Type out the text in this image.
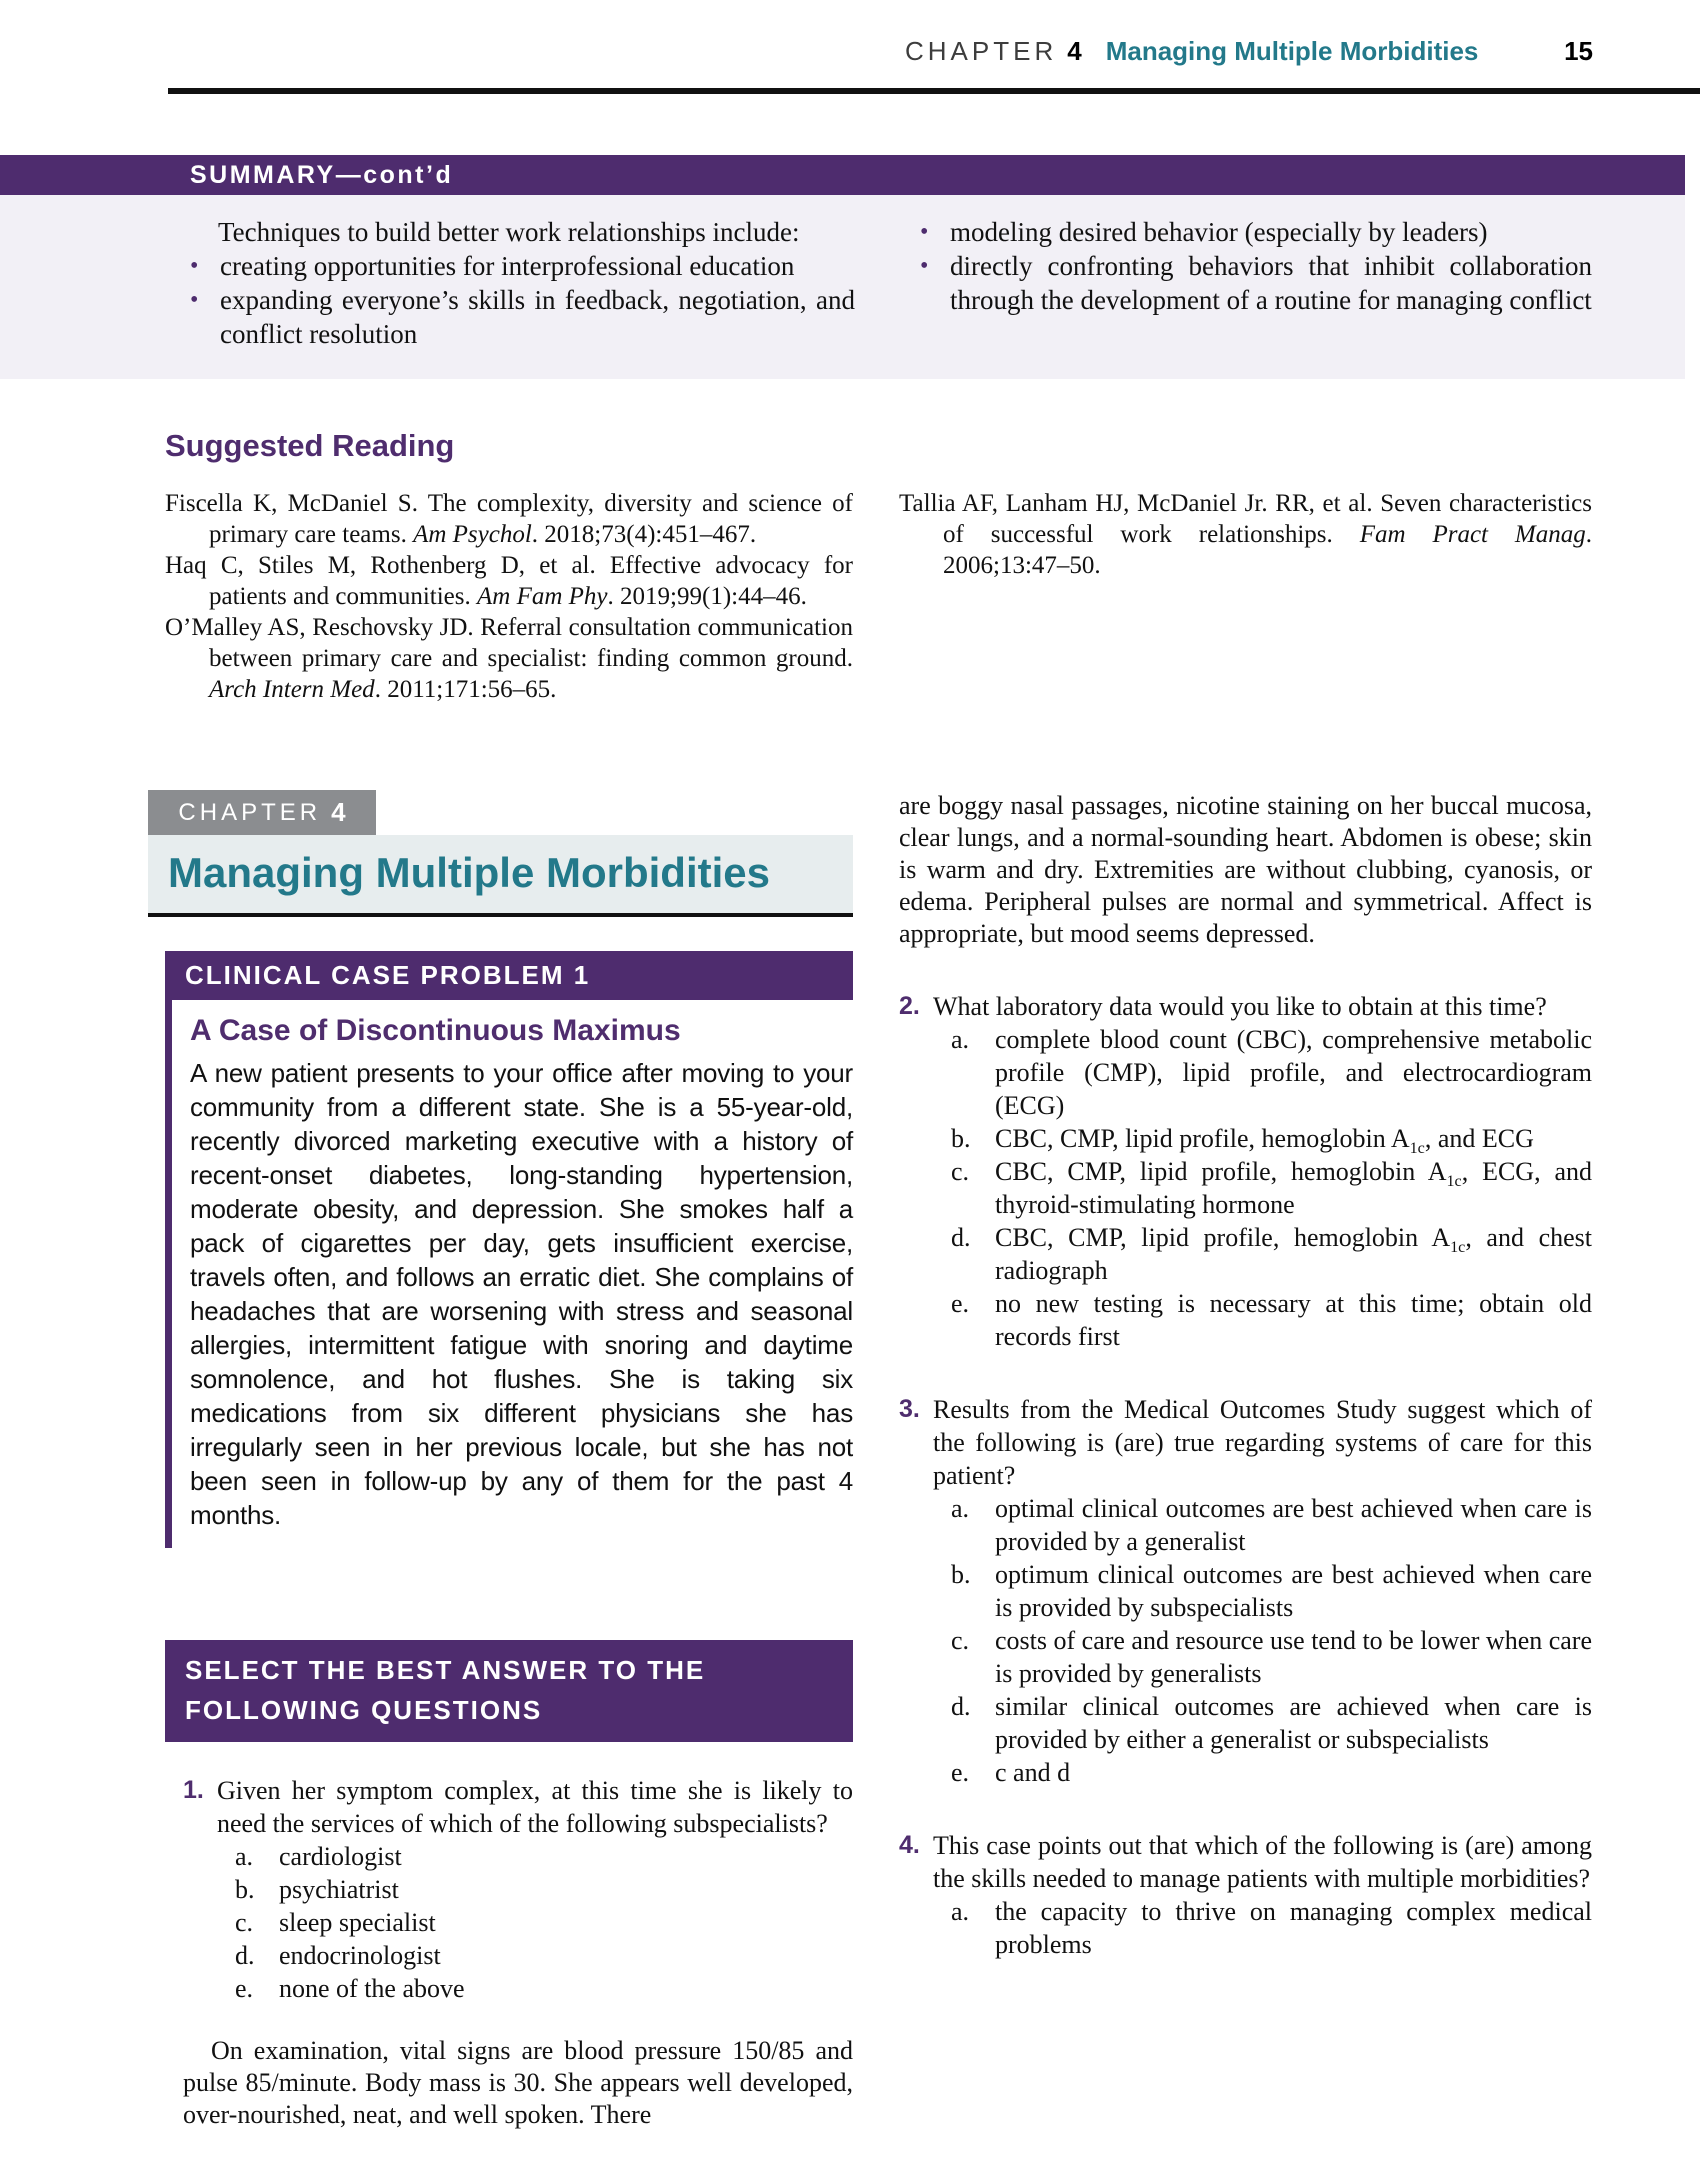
CHAPTER 4 Managing Multiple Morbidities	15
SUMMARY—cont’d

Techniques to build better work relationships include:

• creating opportunities for interprofessional education
• expanding everyone’s skills in feedback, negotiation, and conflict resolution
• modeling desired behavior (especially by leaders)
• directly confronting behaviors that inhibit collaboration through the development of a routine for managing conflict
Suggested Reading

Fiscella K, McDaniel S. The complexity, diversity and science of primary care teams. Am Psychol. 2018;73(4):451–467.

Haq C, Stiles M, Rothenberg D, et al. Effective advocacy for patients and communities. Am Fam Phy. 2019;99(1):44–46.

O’Malley AS, Reschovsky JD. Referral consultation communication between primary care and specialist: finding common ground. Arch Intern Med. 2011;171:56–65.

Tallia AF, Lanham HJ, McDaniel Jr. RR, et al. Seven characteristics of successful work relationships. Fam Pract Manag. 2006;13:47–50.

CHAPTER 4
Managing Multiple Morbidities
CLINICAL CASE PROBLEM 1
A Case of Discontinuous Maximus

A new patient presents to your office after moving to your community from a different state. She is a 55-year-old, recently divorced marketing executive with a history of recent-onset diabetes, long-standing hypertension, moderate obesity, and depression. She smokes half a pack of cigarettes per day, gets insufficient exercise, travels often, and follows an erratic diet. She complains of headaches that are worsening with stress and seasonal allergies, intermittent fatigue with snoring and daytime somnolence, and hot flushes. She is taking six medications from six different physicians she has irregularly seen in her previous locale, but she has not been seen in follow-up by any of them for the past 4 months.

SELECT THE BEST ANSWER TO THE
FOLLOWING QUESTIONS
1. Given her symptom complex, at this time she is likely to need the services of which of the following subspecialists?

a. cardiologist
b. psychiatrist
c. sleep specialist
d. endocrinologist
e. none of the above

On examination, vital signs are blood pressure 150/85 and pulse 85/minute. Body mass is 30. She appears well developed, over-nourished, neat, and well spoken. There

are boggy nasal passages, nicotine staining on her buccal mucosa, clear lungs, and a normal-sounding heart. Abdomen is obese; skin is warm and dry. Extremities are without clubbing, cyanosis, or edema. Peripheral pulses are normal and symmetrical. Affect is appropriate, but mood seems depressed.

2. What laboratory data would you like to obtain at this time?

a. complete blood count (CBC), comprehensive metabolic profile (CMP), lipid profile, and electrocardiogram (ECG)
b. CBC, CMP, lipid profile, hemoglobin $A_{1c}$, and ECG
c. CBC, CMP, lipid profile, hemoglobin $A_{1c}$, ECG, and thyroid-stimulating hormone
d. CBC, CMP, lipid profile, hemoglobin $A_{1c}$, and chest radiograph
e. no new testing is necessary at this time; obtain old records first
3. Results from the Medical Outcomes Study suggest which of the following is (are) true regarding systems of care for this patient?

a. optimal clinical outcomes are best achieved when care is provided by a generalist
b. optimum clinical outcomes are best achieved when care is provided by subspecialists
c. costs of care and resource use tend to be lower when care is provided by generalists
d. similar clinical outcomes are achieved when care is provided by either a generalist or subspecialists
e. c and d
4. This case points out that which of the following is (are) among the skills needed to manage patients with multiple morbidities?

a. the capacity to thrive on managing complex medical problems
